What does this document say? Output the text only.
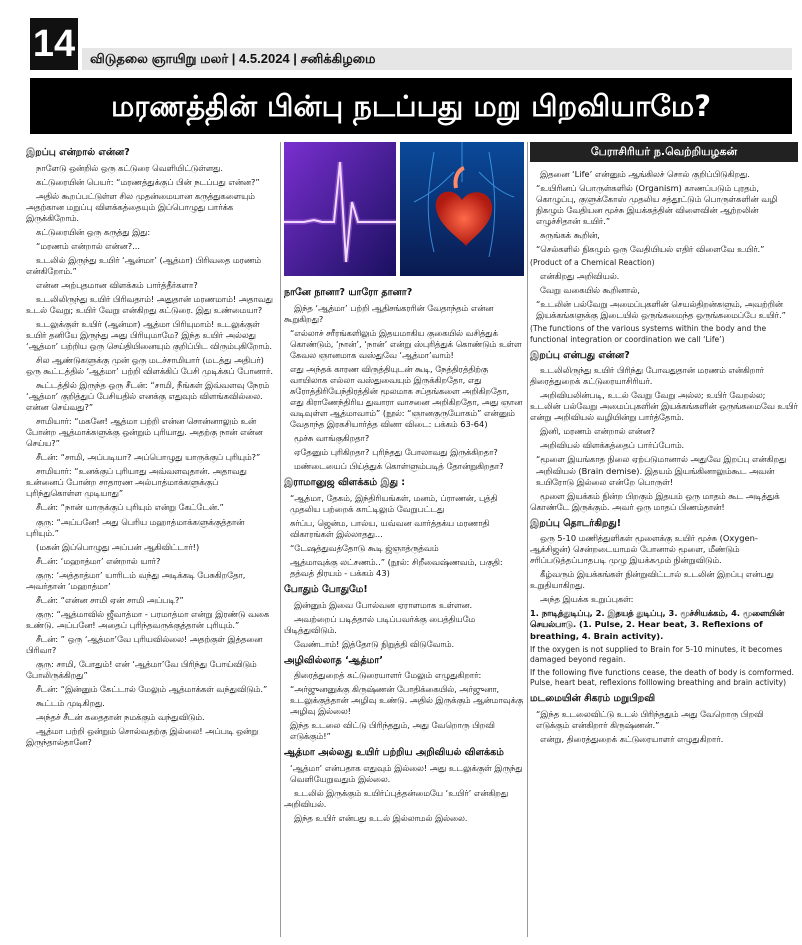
14	விடுதலை ஞாயிறு மலர் | 4.5.2024 | சனிக்கிழமை
மரணத்தின் பின்பு நடப்பது மறு பிறவியாமே?
இறப்பு என்றால் என்ன?

நாளேடு ஒன்றில் ஒரு கட்டுரை வெளியிட்டுள்ளது.

கட்டுரையின் பெயர்: “மரணத்துக்குப் பின் நடப்பது என்ன?”

அதில் கூறப்பட்டுள்ள சில முதன்மையான கருத்துகளையும் அதற்கான மறுப்பு விளக்கத்தையும் இப்பொழுது பார்க்க இருக்கிறோம்.

கட்டுரையின் ஒரு கருத்து இது:

“மரணம் என்றால் என்ன?...

உடலில் இருந்து உயிர் ‘ஆன்மா’ (ஆத்மா) பிரிவதை மரணம் என்கிறோம்.”

என்ன அற்புதமான விளக்கம் பார்த்தீர்களா?

உடலிலிருந்து உயிர் பிரிவதாம்! அதுதான் மரணமாம்! அதாவது உடல் வேறு; உயிர் வேறு என்கிறது கட்டுரை. இது உண்மையா?

உடலுக்குள் உயிர் (ஆன்மா) ஆத்மா பிரியுமாம்! உடலுக்குள் உயிர் தனியே இருந்து அது பிரியுமாமே? இந்த உயிர் அல்லது ‘ஆத்மா’ பற்றிய ஒரு செய்தியினையும் குறிப்பிட விரும்புகிறோம்.

சில ஆண்டுகளுக்கு முன் ஒரு மடச்சாமியார் (மடத்து அதிபர்) ஒரு கூட்டத்தில் ‘ஆத்மா’ பற்றி விளக்கிப் பேசி முடிக்கப் போனார்.

கூட்டத்தில் இருந்த ஒரு சீடன்: “சாமி, நீங்கள் இவ்வளவு நேரம் ‘ஆத்மா’ குறித்துப் பேசியதில் எனக்கு எதுவும் விளங்கவில்லை. என்ன செய்வது?”

சாமியார்: “மகனே! ஆத்மா பற்றி என்ன சொன்னாலும் உன் போன்ற ஆத்மாக்களுக்கு ஒன்றும் புரியாது. அதற்கு நான் என்ன செய்ய?”

சீடன்: “சாமி, அப்படியா? அப்பொழுது யாருக்குப் புரியும்?”

சாமியார்: “உனக்குப் புரியாது அவ்வளவுதான். அதாவது உன்னைப் போன்ற சாதாரண அல்பாத்மாக்களுக்குப் புரிந்துகொள்ள முடியாது”

சீடன்: “நான் யாருக்குப் புரியும் என்று கேட்டேன்.”

குரு: “அப்பனே! அது பெரிய மஹாத்மாக்களுக்குத்தான் புரியும்.”

(மகன் இப்பொழுது அப்பன் ஆகிவிட்டார்!)

சீடன்: ‘மஹாத்மா’ என்றால் யார்?

குரு: ‘அத்தாத்மா’ யாரிடம் வந்து அடிக்கடி பேசுகிறதோ, அவர்தான் ‘மஹாத்மா’

சீடன்: “என்ன சாமி ஏன் சாமி அப்படி?”

குரு: “ஆத்மாவில் ஜீவாத்மா - பரமாத்மா என்று இரண்டு வகை உண்டு. அப்பனே! அதைப் புரிந்தவருக்குத்தான் புரியும்.”

சீடன்: ” ஒரு ‘ஆத்மா’வே புரியவில்லை! அதற்குள் இத்தனை பிரிவா?

குரு: சாமி, போதும்! என் ‘ஆத்மா’வே பிரிந்து போய்விடும் போலிருக்கிறது”

சீடன்: “இன்னும் கேட்டால் மேலும் ஆத்மாக்கள் வந்துவிடும்.”

கூட்டம் முடிகிறது.

அந்தச் சீடன் கதைதான் நமக்கும் வந்துவிடும்.

ஆத்மா பற்றி ஒன்றும் சொல்வதற்கு இல்லை! அப்படி ஒன்று இருந்தால்தானே?

நானே நானா? யாரோ தானா?

இந்த ‘ஆத்மா’ பற்றி ஆதிசங்கரரின் வேதாந்தம் என்ன கூறுகிறது?

“எல்லாச் சரீரங்களிலும் இதயமாகிய குகையில் வசித்துக் கொண்டும், ‘நான்’, ‘நான்’ என்று ஸ்புரித்துக் கொண்டும் உள்ள கேவல ஞானமாக வஸ்துவே ‘ஆத்மா’வாம்!

எது அந்தக் காரண விருத்தியுடன் கூடி, நேத்திரத்திற்கு வாயிலாக எல்லா வஸ்துவையும் இருக்கிறதோ, எது சுரோத்திரியேந்திரத்தின் மூலமாக சப்தங்களை அறிகிறதோ, எது கிராணேந்திரிய துவாரா வாசனை அறிகிறதோ, அது ஞான வடிவுள்ள ஆத்மாவாம்” (நூல்: “ஞானகுருயோகம்” என்னும் வேதாந்த இரகசியார்த்த வினா விடை: பக்கம் 63-64)

மூச்சு வாங்குகிறதா?

ஏதேனும் புரிகிறதா? புரிந்தது போலாவது இருக்கிறதா?

மண்டையைப் பிய்த்துக் கொள்ளும்படித் தோன்றுகிறதா?

இராமானுஜ விளக்கம் இது :

“ஆத்மா, தேகம், இந்திரியங்கள், மனம், ப்ராணன், புத்தி முதலிய பற்றைக் காட்டிலும் வேறுபட்டது

சுர்ப்ப, ஜென்ம, பால்ய, யவ்வன வார்த்தக்ய மரணாதி விகாரங்கள் இல்லாதது...

“டேஷத்துவத்தோடு கூடி ஜ்ஞாத்ருத்வம்

ஆத்மாவுக்கு லட்சணம்..” (நூல்: சிறீவைஷ்ணவம், பகுதி: தத்வத் திரயம் - பக்கம் 43)

போதும் போதுமே!

இன்னும் இவை போல்வன ஏராளமாக உள்ளன.

அவற்றைப் படித்தால் படிப்பவர்க்கு பைத்தியமே பிடித்துவிடும்.

வேண்டாம்! இத்தோடு நிறுத்தி விடுவோம்.

அழிவில்லாத ‘ஆத்மா’

திரைத்துறைத் கட்டுரையாளர் மேலும் எழுதுகிறார்:

“அர்ஜுனனுக்கு கிருஷ்ணன் போதிக்கையில், அர்ஜுனா, உடலுக்குத்தான் அழிவு உண்டு. அதில் இருக்கும் ஆன்மாவுக்கு அழிவு இல்லை!

இந்த உடலை விட்டு பிரிந்ததும், அது வேறொரு பிறவி எடுக்கும்!”

ஆத்மா அல்லது உயிர் பற்றிய அறிவியல் விளக்கம்

‘ஆத்மா’ என்பதாக எதுவும் இல்லை! அது உடலுக்குள் இருந்து வெளியேறுவதும் இல்லை.

உடலில் இருக்கும் உயிர்ப்புத்தன்மையே ‘உயிர்’ என்கிறது அறிவியல்.

இந்த உயிர் என்பது உடல் இல்லாமல் இல்லை.

பேராசிரியர் ந.வெற்றியழகன்

இதனை ‘Life’ என்னும் ஆங்கிலச் சொல் குறிப்பிடுகிறது.

“உயிரினப் பொருள்களில் (Organism) காணப்படும் புரதம், கொழுப்பு, குளுக்கோஸ் முதலிய சத்தூட்டும் பொருள்களின் வழி நிகழும் வேதியன மூச்சு இயக்கத்தின் விளைவின் ஆற்றலின் எழுச்சிதான் உயிர்.”

சுருங்கக் கூறின்,

“செல்களில் நிகழும் ஒரு வேதியியல் எதிர் விளைவே உயிர்.”

(Product of a Chemical Reaction)

என்கிறது அறிவியல்.

வேறு வகையில் கூறினால்,

“உடலின் பல்வேறு அமைப்புகளின் செயல்திறன்களும், அவற்றின் இயக்கங்களுக்கு இடையில் ஒருங்கமைந்த ஒருங்கமைப்பே உயிர்.”

(The functions of the various systems within the body and the functional integration or coordination we call ‘Life’)

இறப்பு என்பது என்ன?

உடலிலிருந்து உயிர் பிரிந்து போவதுதான் மரணம் என்கிறார் திரைத்துறைக் கட்டுரையாசிரியர்.

அறிவியலின்படி, உடல் வேறு வேறு அல்ல; உயிர் வேறல்ல; உடலின் பல்வேறு அமைப்புகளின் இயக்கங்களின் ஒருங்கமைவே உயிர் என்று அறிவியல் வழியின்று பார்த்தோம்.

இனி, மரணம் என்றால் என்ன?

அறிவியல் விளக்கத்தைப் பார்ப்போம்.

“மூளை இயங்காத நிலை ஏற்படுமானால் அதுவே இறப்பு என்கிறது அறிவியல் (Brain demise). இதயம் இயங்கினாலும்கூட அவன் உயிரோடு இல்லை என்றே பொருள்!

மூளை இயக்கம் நின்ற பிறகும் இதயம் ஒரு மாதம் கூட அடித்துக் கொண்டே இருக்கும். அவர் ஒரு மாதப் பிணம்தான்!

இறப்பு தொடர்கிறது!

ஒரு 5-10 மணித்துளிகள் மூளைக்கு உயிர் மூச்சு (Oxygen-ஆக்சிஜன்) சென்றடையாமல் போனால் மூளை, மீண்டும் சரிப்படுத்தப்பாதபடி முழு இயக்கமும் நின்றுவிடும்.

கீழ்வரும் இயக்கங்கள் நின்றுவிட்டால் உடலின் இறப்பு என்பது உறுதியாகிறது.

அந்த இயக்க உறுப்புகள்:

1. நாடித்துடிப்பு, 2. இதயத் துடிப்பு, 3. மூச்சியக்கம், 4. மூளையின் செயல்பாடு. (1. Pulse, 2. Hear beat, 3. Reflexions of breathing, 4. Brain activity).

If the oxygen is not supplied to Brain for 5-10 minutes, it becomes damaged beyond regain.

If the following five functions cease, the death of body is comformed. Pulse, heart beat, reflexions folllowing breathing and brain activity)

மடமையின் சிகரம் மறுபிறவி

“இந்த உடலைவிட்டு உடல் பிரிந்ததும் அது வேறொரு பிறவி எடுக்கும் என்கிறார் கிருஷ்ணன்.”

என்று, திரைத்துறைக் கட்டுரையாளர் எழுதுகிறார்.
